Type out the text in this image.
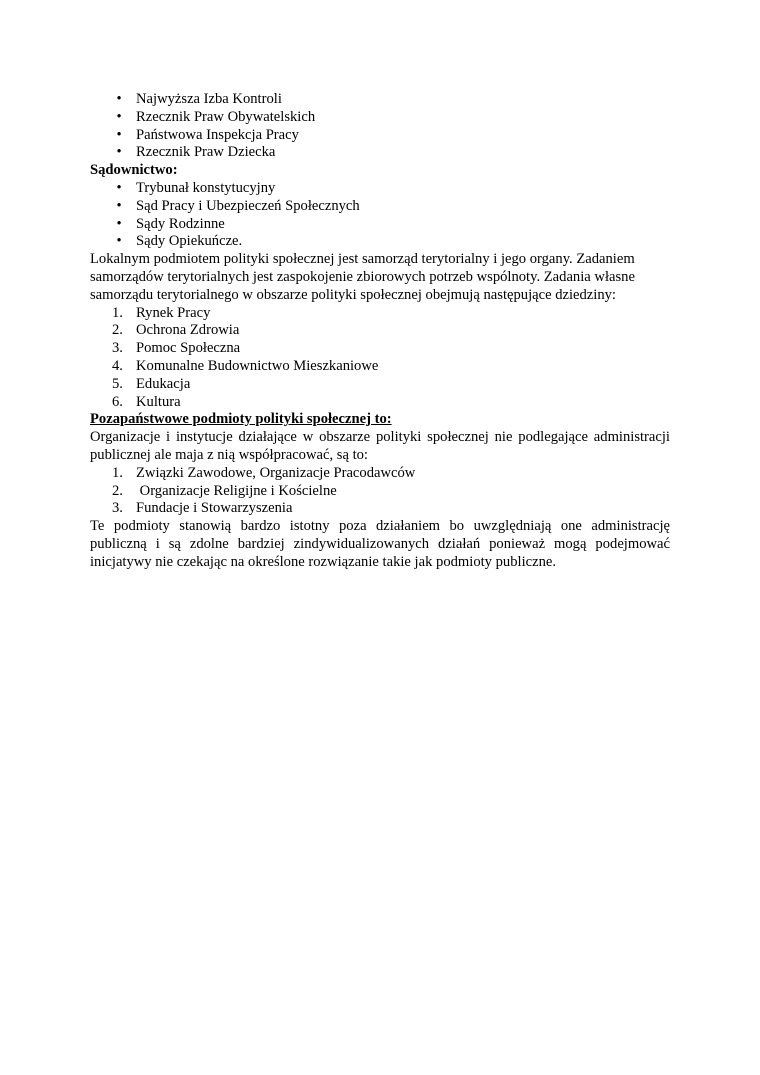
• Najwyższa Izba Kontroli
• Rzecznik Praw Obywatelskich
• Państwowa Inspekcja Pracy
• Rzecznik Praw Dziecka

Sądownictwo:

• Trybunał konstytucyjny
• Sąd Pracy i Ubezpieczeń Społecznych
• Sądy Rodzinne
• Sądy Opiekuńcze.

Lokalnym podmiotem polityki społecznej jest samorząd terytorialny i jego organy. Zadaniem samorządów terytorialnych jest zaspokojenie zbiorowych potrzeb wspólnoty. Zadania własne samorządu terytorialnego w obszarze polityki społecznej obejmują następujące dziedziny:

1. Rynek Pracy
2. Ochrona Zdrowia
3. Pomoc Społeczna
4. Komunalne Budownictwo Mieszkaniowe
5. Edukacja
6. Kultura

Pozapaństwowe podmioty polityki społecznej to:

Organizacje i instytucje działające w obszarze polityki społecznej nie podlegające administracji publicznej ale maja z nią współpracować, są to:

1. Związki Zawodowe, Organizacje Pracodawców
2. Organizacje Religijne i Kościelne
3. Fundacje i Stowarzyszenia

Te podmioty stanowią bardzo istotny poza działaniem bo uwzględniają one administrację publiczną i są zdolne bardziej zindywidualizowanych działań ponieważ mogą podejmować inicjatywy nie czekając na określone rozwiązanie takie jak podmioty publiczne.
